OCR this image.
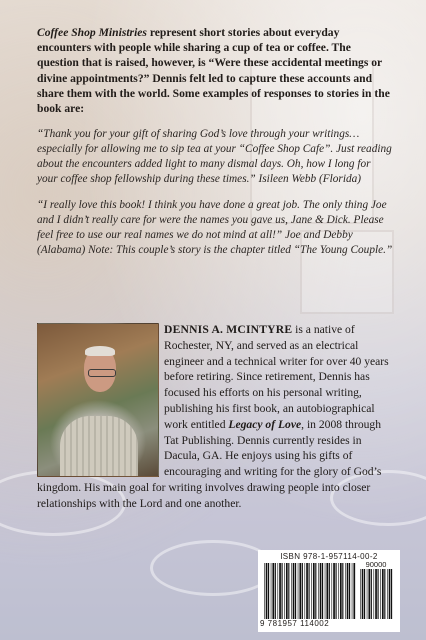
Coffee Shop Ministries represent short stories about everyday encounters with people while sharing a cup of tea or coffee. The question that is raised, however, is “Were these accidental meetings or divine appointments?” Dennis felt led to capture these accounts and share them with the world. Some examples of responses to stories in the book are:

“Thank you for your gift of sharing God’s love through your writings… especially for allowing me to sip tea at your “Coffee Shop Cafe”. Just reading about the encounters added light to many dismal days. Oh, how I long for your coffee shop fellowship during these times.” Isileen Webb (Florida)

“I really love this book! I think you have done a great job. The only thing Joe and I didn’t really care for were the names you gave us, Jane & Dick. Please feel free to use our real names we do not mind at all!” Joe and Debby (Alabama) Note: This couple’s story is the chapter titled “The Young Couple.”

DENNIS A. MCINTYRE is a native of Rochester, NY, and served as an electrical engineer and a technical writer for over 40 years before retiring. Since retirement, Dennis has focused his efforts on his personal writing, publishing his first book, an autobiographical work entitled Legacy of Love, in 2008 through Tat Publishing. Dennis currently resides in Dacula, GA. He enjoys using his gifts of encouraging and writing for the glory of God’s kingdom. His main goal for writing involves drawing people into closer relationships with the Lord and one another.

ISBN 978-1-957114-00-2
90000
9 781957 114002
